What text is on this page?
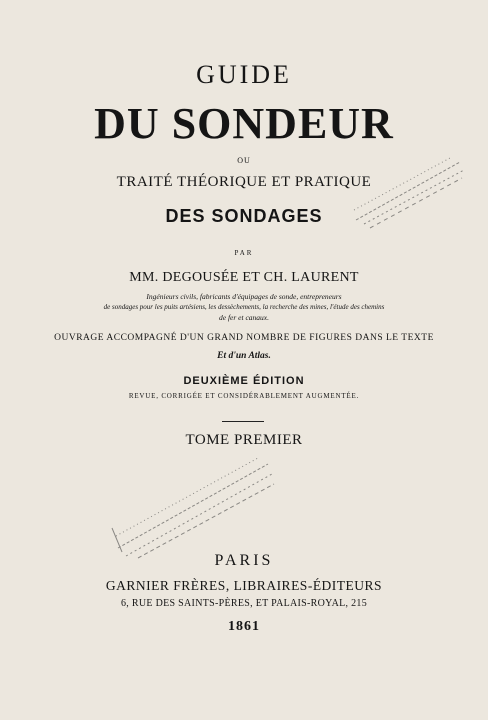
GUIDE
DU SONDEUR
OU
TRAITÉ THÉORIQUE ET PRATIQUE
DES SONDAGES
PAR
MM. DEGOUSÉE ET CH. LAURENT
Ingénieurs civils, fabricants d'équipages de sonde, entrepreneurs
de sondages pour les puits artésiens, les dessèchements, la recherche des mines, l'étude des chemins
de fer et canaux.
OUVRAGE ACCOMPAGNÉ D'UN GRAND NOMBRE DE FIGURES DANS LE TEXTE
Et d'un Atlas.
DEUXIÈME ÉDITION
REVUE, CORRIGÉE ET CONSIDÉRABLEMENT AUGMENTÉE.
TOME PREMIER
PARIS
GARNIER FRÈRES, LIBRAIRES-ÉDITEURS
6, RUE DES SAINTS-PÈRES, ET PALAIS-ROYAL, 215
1861
